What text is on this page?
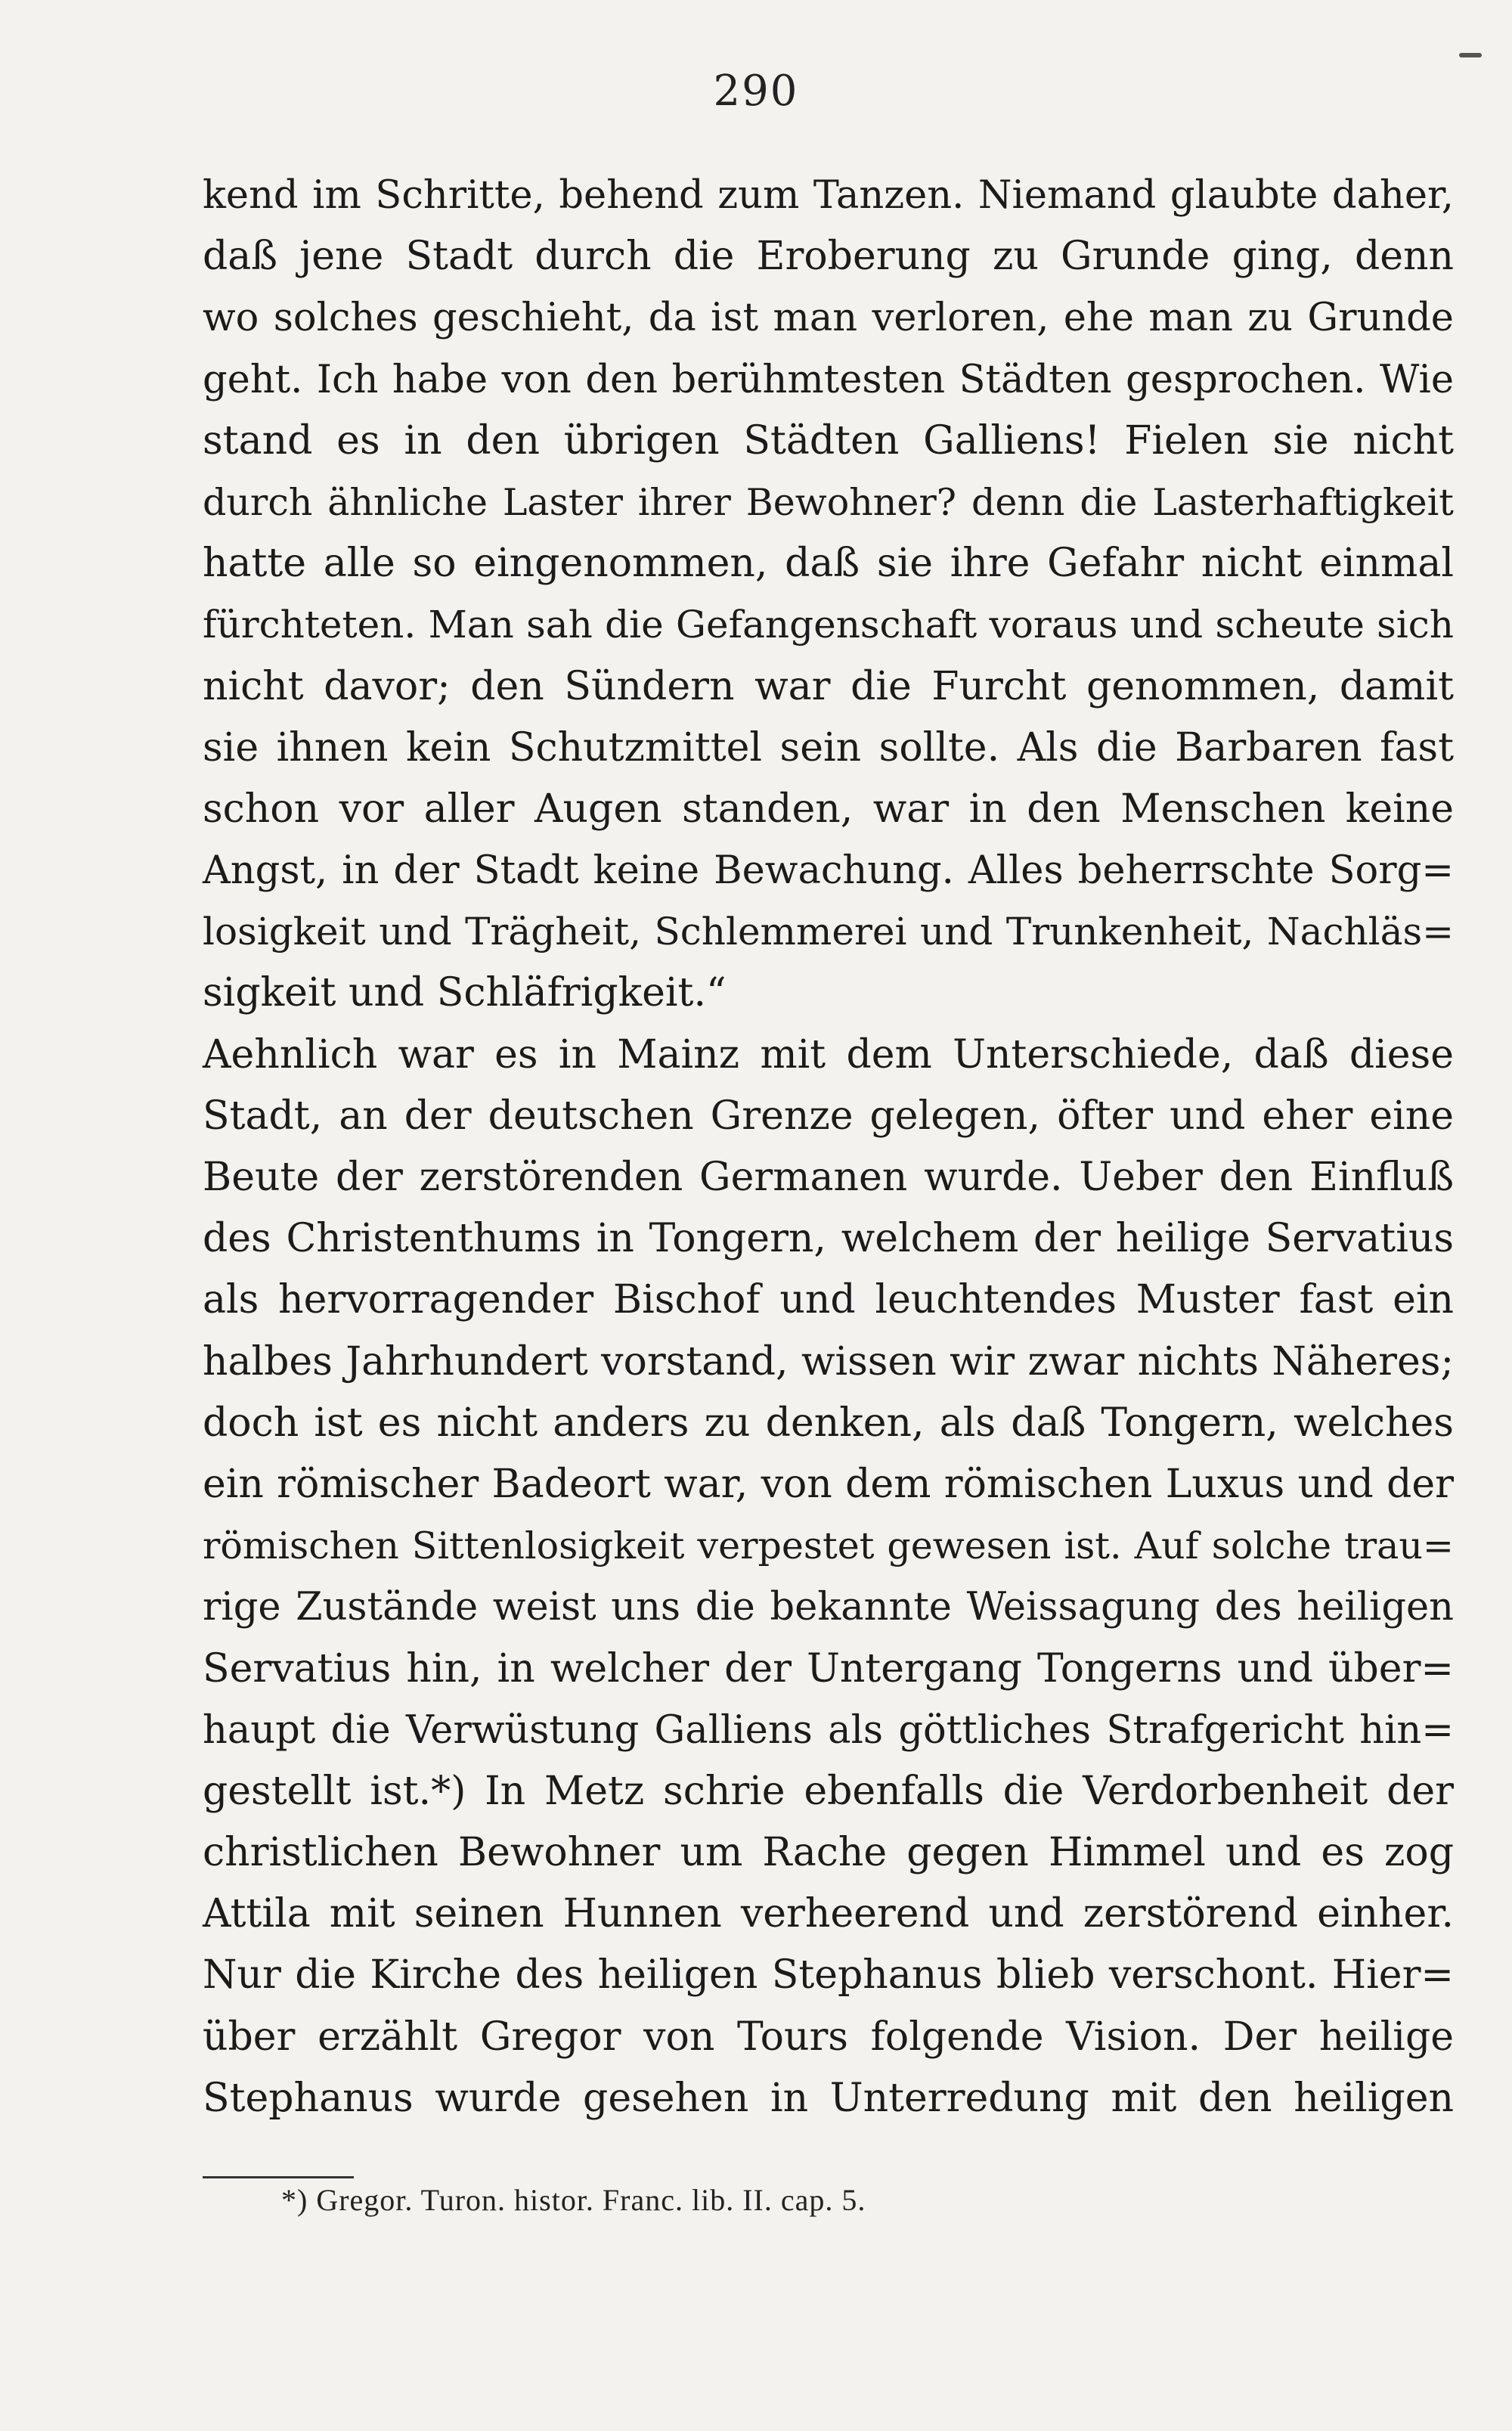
290
kend im Schritte, behend zum Tanzen. Niemand glaubte daher,
daß jene Stadt durch die Eroberung zu Grunde ging, denn
wo solches geschieht, da ist man verloren, ehe man zu Grunde
geht. Ich habe von den berühmtesten Städten gesprochen. Wie
stand es in den übrigen Städten Galliens! Fielen sie nicht
durch ähnliche Laster ihrer Bewohner? denn die Lasterhaftigkeit
hatte alle so eingenommen, daß sie ihre Gefahr nicht einmal
fürchteten. Man sah die Gefangenschaft voraus und scheute sich
nicht davor; den Sündern war die Furcht genommen, damit
sie ihnen kein Schutzmittel sein sollte. Als die Barbaren fast
schon vor aller Augen standen, war in den Menschen keine
Angst, in der Stadt keine Bewachung. Alles beherrschte Sorg=
losigkeit und Trägheit, Schlemmerei und Trunkenheit, Nachläs=
sigkeit und Schläfrigkeit.“
Aehnlich war es in Mainz mit dem Unterschiede, daß diese
Stadt, an der deutschen Grenze gelegen, öfter und eher eine
Beute der zerstörenden Germanen wurde. Ueber den Einfluß
des Christenthums in Tongern, welchem der heilige Servatius
als hervorragender Bischof und leuchtendes Muster fast ein
halbes Jahrhundert vorstand, wissen wir zwar nichts Näheres;
doch ist es nicht anders zu denken, als daß Tongern, welches
ein römischer Badeort war, von dem römischen Luxus und der
römischen Sittenlosigkeit verpestet gewesen ist. Auf solche trau=
rige Zustände weist uns die bekannte Weissagung des heiligen
Servatius hin, in welcher der Untergang Tongerns und über=
haupt die Verwüstung Galliens als göttliches Strafgericht hin=
gestellt ist.*) In Metz schrie ebenfalls die Verdorbenheit der
christlichen Bewohner um Rache gegen Himmel und es zog
Attila mit seinen Hunnen verheerend und zerstörend einher.
Nur die Kirche des heiligen Stephanus blieb verschont. Hier=
über erzählt Gregor von Tours folgende Vision. Der heilige
Stephanus wurde gesehen in Unterredung mit den heiligen
*) Gregor. Turon. histor. Franc. lib. II. cap. 5.
